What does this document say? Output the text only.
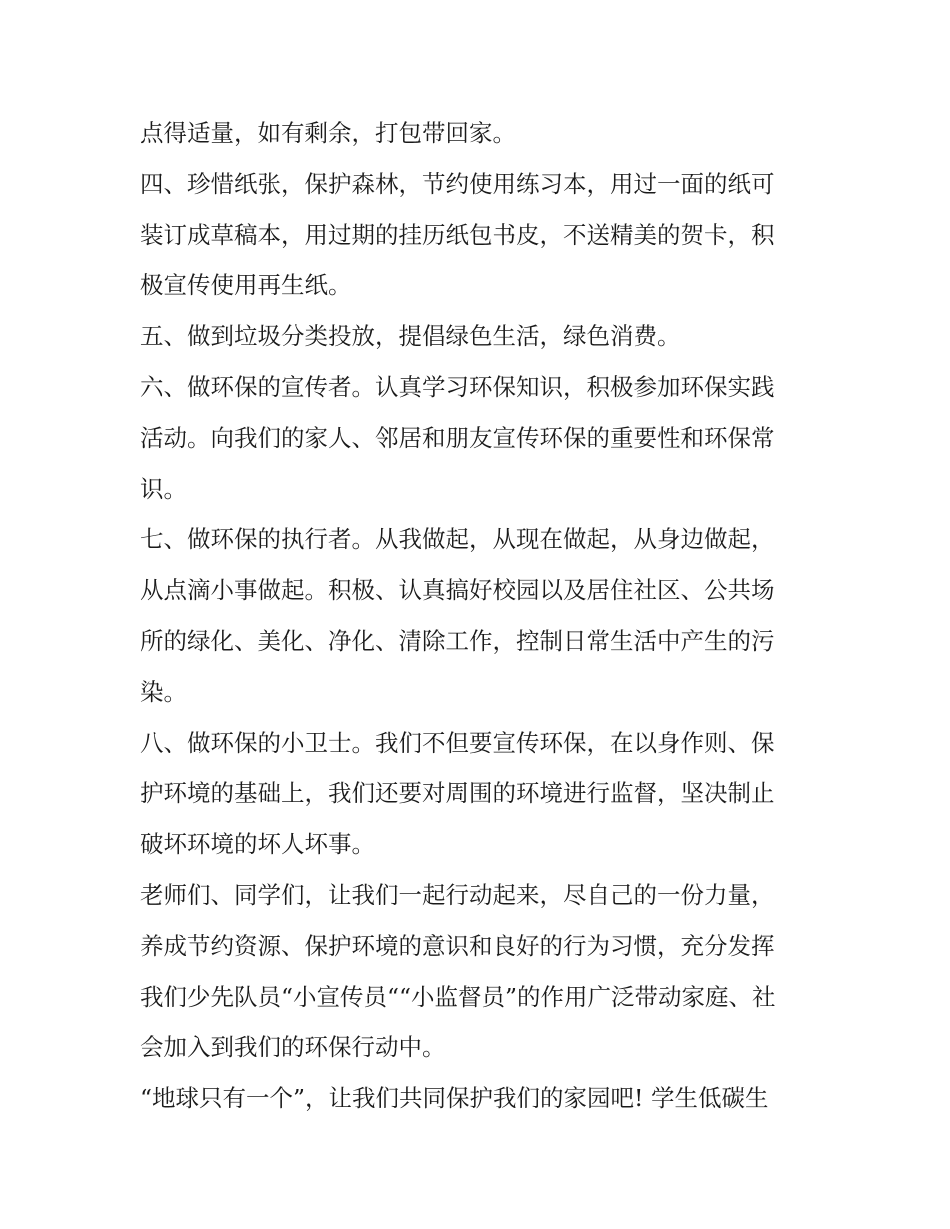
点得适量，如有剩余，打包带回家。
四、珍惜纸张，保护森林，节约使用练习本，用过一面的纸可
装订成草稿本，用过期的挂历纸包书皮，不送精美的贺卡，积
极宣传使用再生纸。
五、做到垃圾分类投放，提倡绿色生活，绿色消费。
六、做环保的宣传者。认真学习环保知识，积极参加环保实践
活动。向我们的家人、邻居和朋友宣传环保的重要性和环保常
识。
七、做环保的执行者。从我做起，从现在做起，从身边做起，
从点滴小事做起。积极、认真搞好校园以及居住社区、公共场
所的绿化、美化、净化、清除工作，控制日常生活中产生的污
染。
八、做环保的小卫士。我们不但要宣传环保，在以身作则、保
护环境的基础上，我们还要对周围的环境进行监督，坚决制止
破坏环境的坏人坏事。
老师们、同学们，让我们一起行动起来，尽自己的一份力量，
养成节约资源、保护环境的意识和良好的行为习惯，充分发挥
我们少先队员“小宣传员““小监督员”的作用广泛带动家庭、社
会加入到我们的环保行动中。
“地球只有一个”，让我们共同保护我们的家园吧! 学生低碳生
